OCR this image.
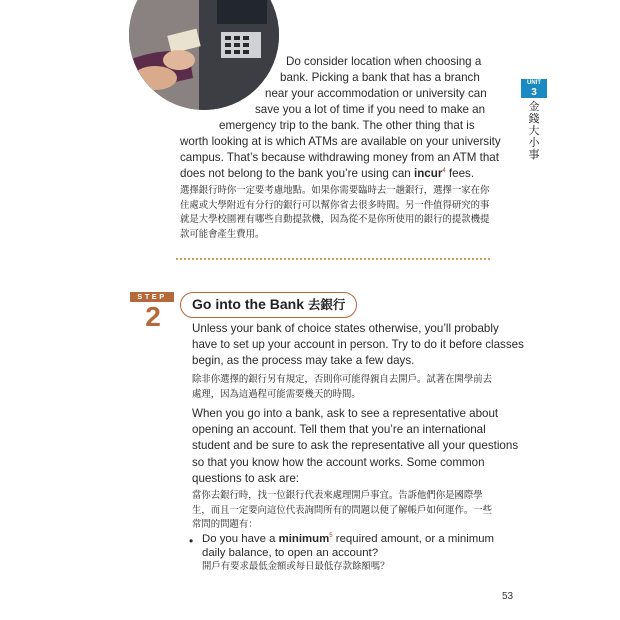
Do consider location when choosing a
bank. Picking a bank that has a branch
near your accommodation or university can
save you a lot of time if you need to make an
emergency trip to the bank. The other thing that is
worth looking at is which ATMs are available on your university
campus. That’s because withdrawing money from an ATM that
does not belong to the bank you’re using can incur$^4$ fees.
選擇銀行時你一定要考慮地點。如果你需要臨時去一趟銀行，選擇一家在你
住處或大學附近有分行的銀行可以幫你省去很多時間。另一件值得研究的事
就是大學校園裡有哪些自動提款機，因為從不是你所使用的銀行的提款機提
款可能會產生費用。
UNIT
3
金
錢
大
小
事
STEP
2	Go into the Bank 去銀行
Unless your bank of choice states otherwise, you’ll probably
have to set up your account in person. Try to do it before classes
begin, as the process may take a few days.
除非你選擇的銀行另有規定，否則你可能得親自去開戶。試著在開學前去
處理，因為這過程可能需要幾天的時間。
When you go into a bank, ask to see a representative about
opening an account. Tell them that you’re an international
student and be sure to ask the representative all your questions
so that you know how the account works. Some common
questions to ask are:
當你去銀行時，找一位銀行代表來處理開戶事宜。告訴他們你是國際學
生，而且一定要向這位代表詢問所有的問題以便了解帳戶如何運作。一些
常問的問題有：
• Do you have a minimum$^5$ required amount, or a minimum
daily balance, to open an account?
開戶有要求最低金額或每日最低存款餘額嗎？
53
